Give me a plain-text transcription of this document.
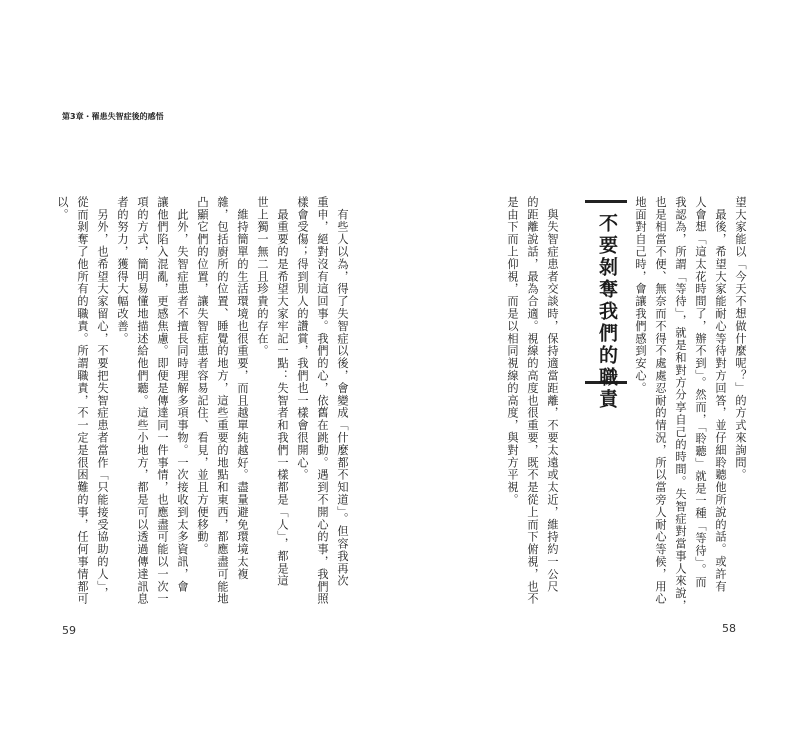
第3章・罹患失智症後的感悟
　有些人以為，得了失智症以後，會變成「什麼都不知道」。但容我再次
重申，絕對沒有這回事。我們的心，依舊在跳動。遇到不開心的事，我們照
樣會受傷；得到別人的讚賞，我們也一樣會很開心。
　最重要的是希望大家牢記一點：失智者和我們一樣都是「人」，都是這
世上獨一無二且珍貴的存在。
　維持簡單的生活環境也很重要，而且越單純越好。盡量避免環境太複
雜，包括廚所的位置、睡覺的地方，這些重要的地點和東西，都應盡可能地
凸顯它們的位置，讓失智症患者容易記住、看見，並且方便移動。
　此外，失智症患者不擅長同時理解多項事物。一次接收到太多資訊，會
讓他們陷入混亂，更感焦慮。即便是傳達同一件事情，也應盡可能以一次一
項的方式，簡明易懂地描述給他們聽。這些小地方，都是可以透過傳達訊息
者的努力，獲得大幅改善。
　另外，也希望大家留心，不要把失智症患者當作「只能接受協助的人」，
從而剝奪了他所有的職責。所謂職責，不一定是很困難的事，任何事情都可
以。
59	58
望大家能以「今天不想做什麼呢？」的方式來詢問。
　最後，希望大家能耐心等待對方回答，並仔細聆聽他所說的話。或許有
人會想「這太花時間了，辦不到」。然而，「聆聽」就是一種「等待」。而
我認為，所謂「等待」，就是和對方分享自己的時間。失智症對當事人來說，
也是相當不便、無奈而不得不處處忍耐的情況，所以當旁人耐心等候，用心
地面對自己時，會讓我們感到安心。
不要剝奪我們的職責
　與失智症患者交談時，保持適當距離，不要太遠或太近，維持約一公尺
的距離說話，最為合適。視線的高度也很重要，既不是從上而下俯視，也不
是由下而上仰視，而是以相同視線的高度，與對方平視。
